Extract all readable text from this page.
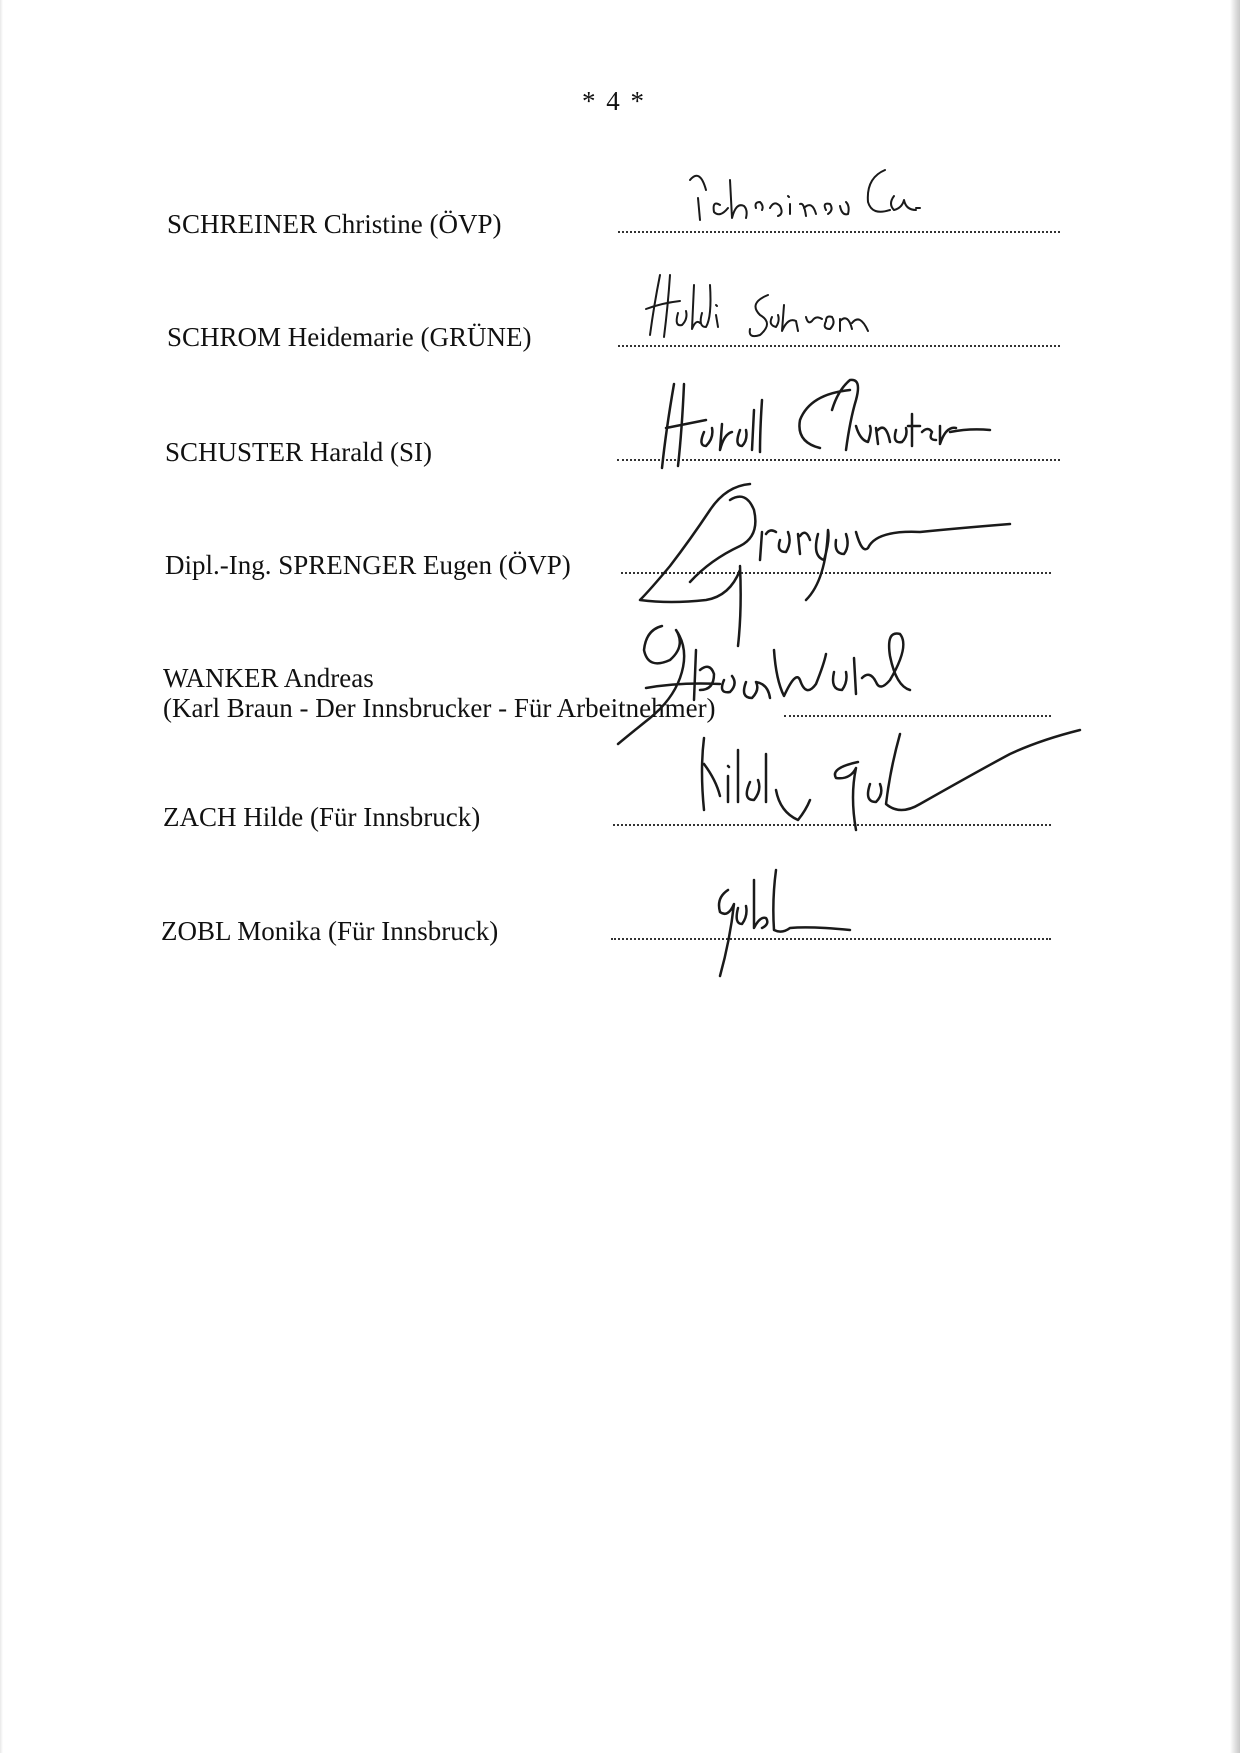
* 4 *
SCHREINER Christine (ÖVP)
SCHROM Heidemarie (GRÜNE)
SCHUSTER Harald (SI)
Dipl.-Ing. SPRENGER Eugen (ÖVP)
WANKER Andreas
(Karl Braun - Der Innsbrucker - Für Arbeitnehmer)
ZACH Hilde (Für Innsbruck)
ZOBL Monika (Für Innsbruck)
